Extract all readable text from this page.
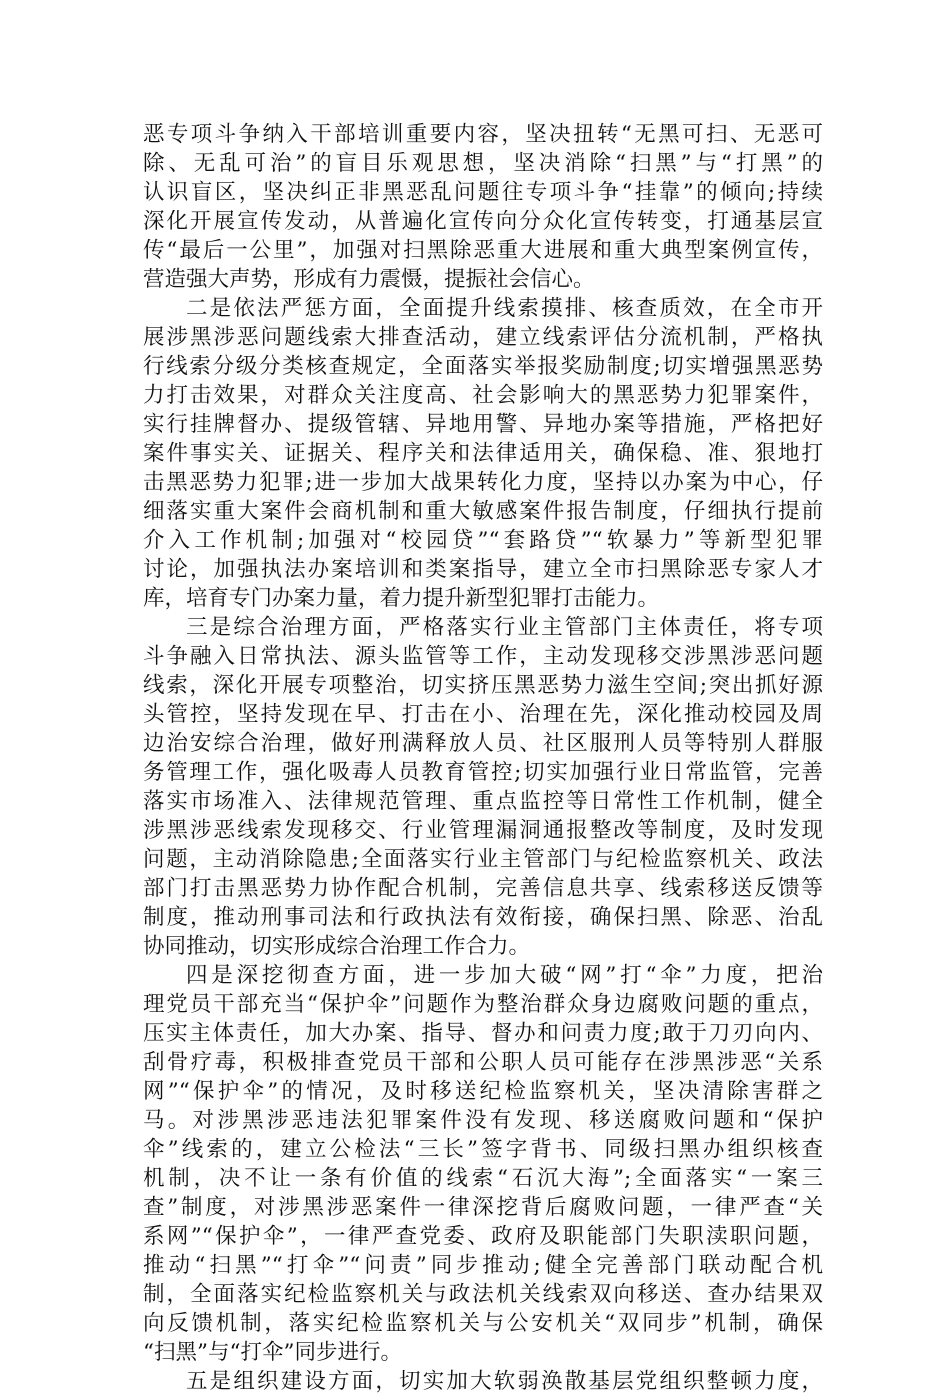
恶专项斗争纳入干部培训重要内容，坚决扭转“无黑可扫、无恶可
除、无乱可治”的盲目乐观思想，坚决消除“扫黑”与“打黑”的
认识盲区，坚决纠正非黑恶乱问题往专项斗争“挂靠”的倾向;持续
深化开展宣传发动，从普遍化宣传向分众化宣传转变，打通基层宣
传“最后一公里”，加强对扫黑除恶重大进展和重大典型案例宣传，
营造强大声势，形成有力震慑，提振社会信心。
二是依法严惩方面，全面提升线索摸排、核查质效，在全市开
展涉黑涉恶问题线索大排查活动，建立线索评估分流机制，严格执
行线索分级分类核查规定，全面落实举报奖励制度;切实增强黑恶势
力打击效果，对群众关注度高、社会影响大的黑恶势力犯罪案件，
实行挂牌督办、提级管辖、异地用警、异地办案等措施，严格把好
案件事实关、证据关、程序关和法律适用关，确保稳、准、狠地打
击黑恶势力犯罪;进一步加大战果转化力度，坚持以办案为中心，仔
细落实重大案件会商机制和重大敏感案件报告制度，仔细执行提前
介入工作机制;加强对“校园贷”“套路贷”“软暴力”等新型犯罪
讨论，加强执法办案培训和类案指导，建立全市扫黑除恶专家人才
库，培育专门办案力量，着力提升新型犯罪打击能力。
三是综合治理方面，严格落实行业主管部门主体责任，将专项
斗争融入日常执法、源头监管等工作，主动发现移交涉黑涉恶问题
线索，深化开展专项整治，切实挤压黑恶势力滋生空间;突出抓好源
头管控，坚持发现在早、打击在小、治理在先，深化推动校园及周
边治安综合治理，做好刑满释放人员、社区服刑人员等特别人群服
务管理工作，强化吸毒人员教育管控;切实加强行业日常监管，完善
落实市场准入、法律规范管理、重点监控等日常性工作机制，健全
涉黑涉恶线索发现移交、行业管理漏洞通报整改等制度，及时发现
问题，主动消除隐患;全面落实行业主管部门与纪检监察机关、政法
部门打击黑恶势力协作配合机制，完善信息共享、线索移送反馈等
制度，推动刑事司法和行政执法有效衔接，确保扫黑、除恶、治乱
协同推动，切实形成综合治理工作合力。
四是深挖彻查方面，进一步加大破“网”打“伞”力度，把治
理党员干部充当“保护伞”问题作为整治群众身边腐败问题的重点，
压实主体责任，加大办案、指导、督办和问责力度;敢于刀刃向内、
刮骨疗毒，积极排查党员干部和公职人员可能存在涉黑涉恶“关系
网”“保护伞”的情况，及时移送纪检监察机关，坚决清除害群之
马。对涉黑涉恶违法犯罪案件没有发现、移送腐败问题和“保护
伞”线索的，建立公检法“三长”签字背书、同级扫黑办组织核查
机制，决不让一条有价值的线索“石沉大海”;全面落实“一案三
查”制度，对涉黑涉恶案件一律深挖背后腐败问题，一律严查“关
系网”“保护伞”，一律严查党委、政府及职能部门失职渎职问题，
推动“扫黑”“打伞”“问责”同步推动;健全完善部门联动配合机
制，全面落实纪检监察机关与政法机关线索双向移送、查办结果双
向反馈机制，落实纪检监察机关与公安机关“双同步”机制，确保
“扫黑”与“打伞”同步进行。
五是组织建设方面，切实加大软弱涣散基层党组织整顿力度，
